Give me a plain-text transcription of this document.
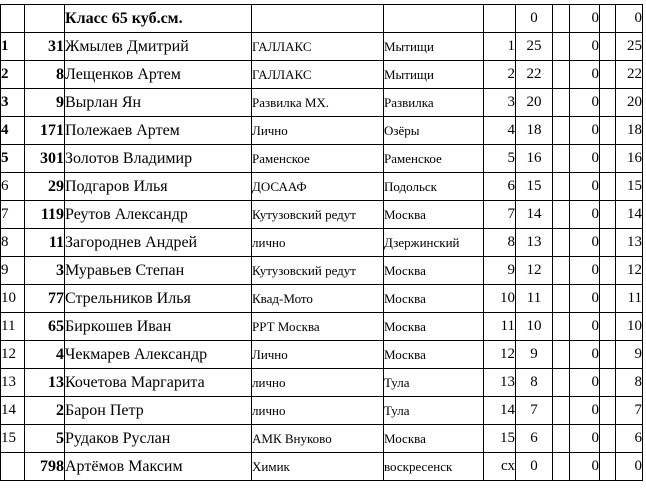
		Класс 65 куб.см.				0		0		0
1	31	Жмылев Дмитрий	ГАЛЛАКС	Мытищи	1	25		0		25
2	8	Лещенков Артем	ГАЛЛАКС	Мытищи	2	22		0		22
3	9	Вырлан Ян	Развилка МХ.	Развилка	3	20		0		20
4	171	Полежаев Артем	Лично	Озёры	4	18		0		18
5	301	Золотов Владимир	Раменское	Раменское	5	16		0		16
6	29	Подгаров Илья	ДОСААФ	Подольск	6	15		0		15
7	119	Реутов Александр	Кутузовский редут	Москва	7	14		0		14
8	11	Загороднев Андрей	лично	Дзержинский	8	13		0		13
9	3	Муравьев Степан	Кутузовский редут	Москва	9	12		0		12
10	77	Стрельников Илья	Квад-Мото	Москва	10	11		0		11
11	65	Биркошев Иван	РРТ Москва	Москва	11	10		0		10
12	4	Чекмарев Александр	Лично	Москва	12	9		0		9
13	13	Кочетова Маргарита	лично	Тула	13	8		0		8
14	2	Барон Петр	лично	Тула	14	7		0		7
15	5	Рудаков Руслан	АМК Внуково	Москва	15	6		0		6
	798	Артёмов Максим	Химик	воскресенск	сх	0		0		0
